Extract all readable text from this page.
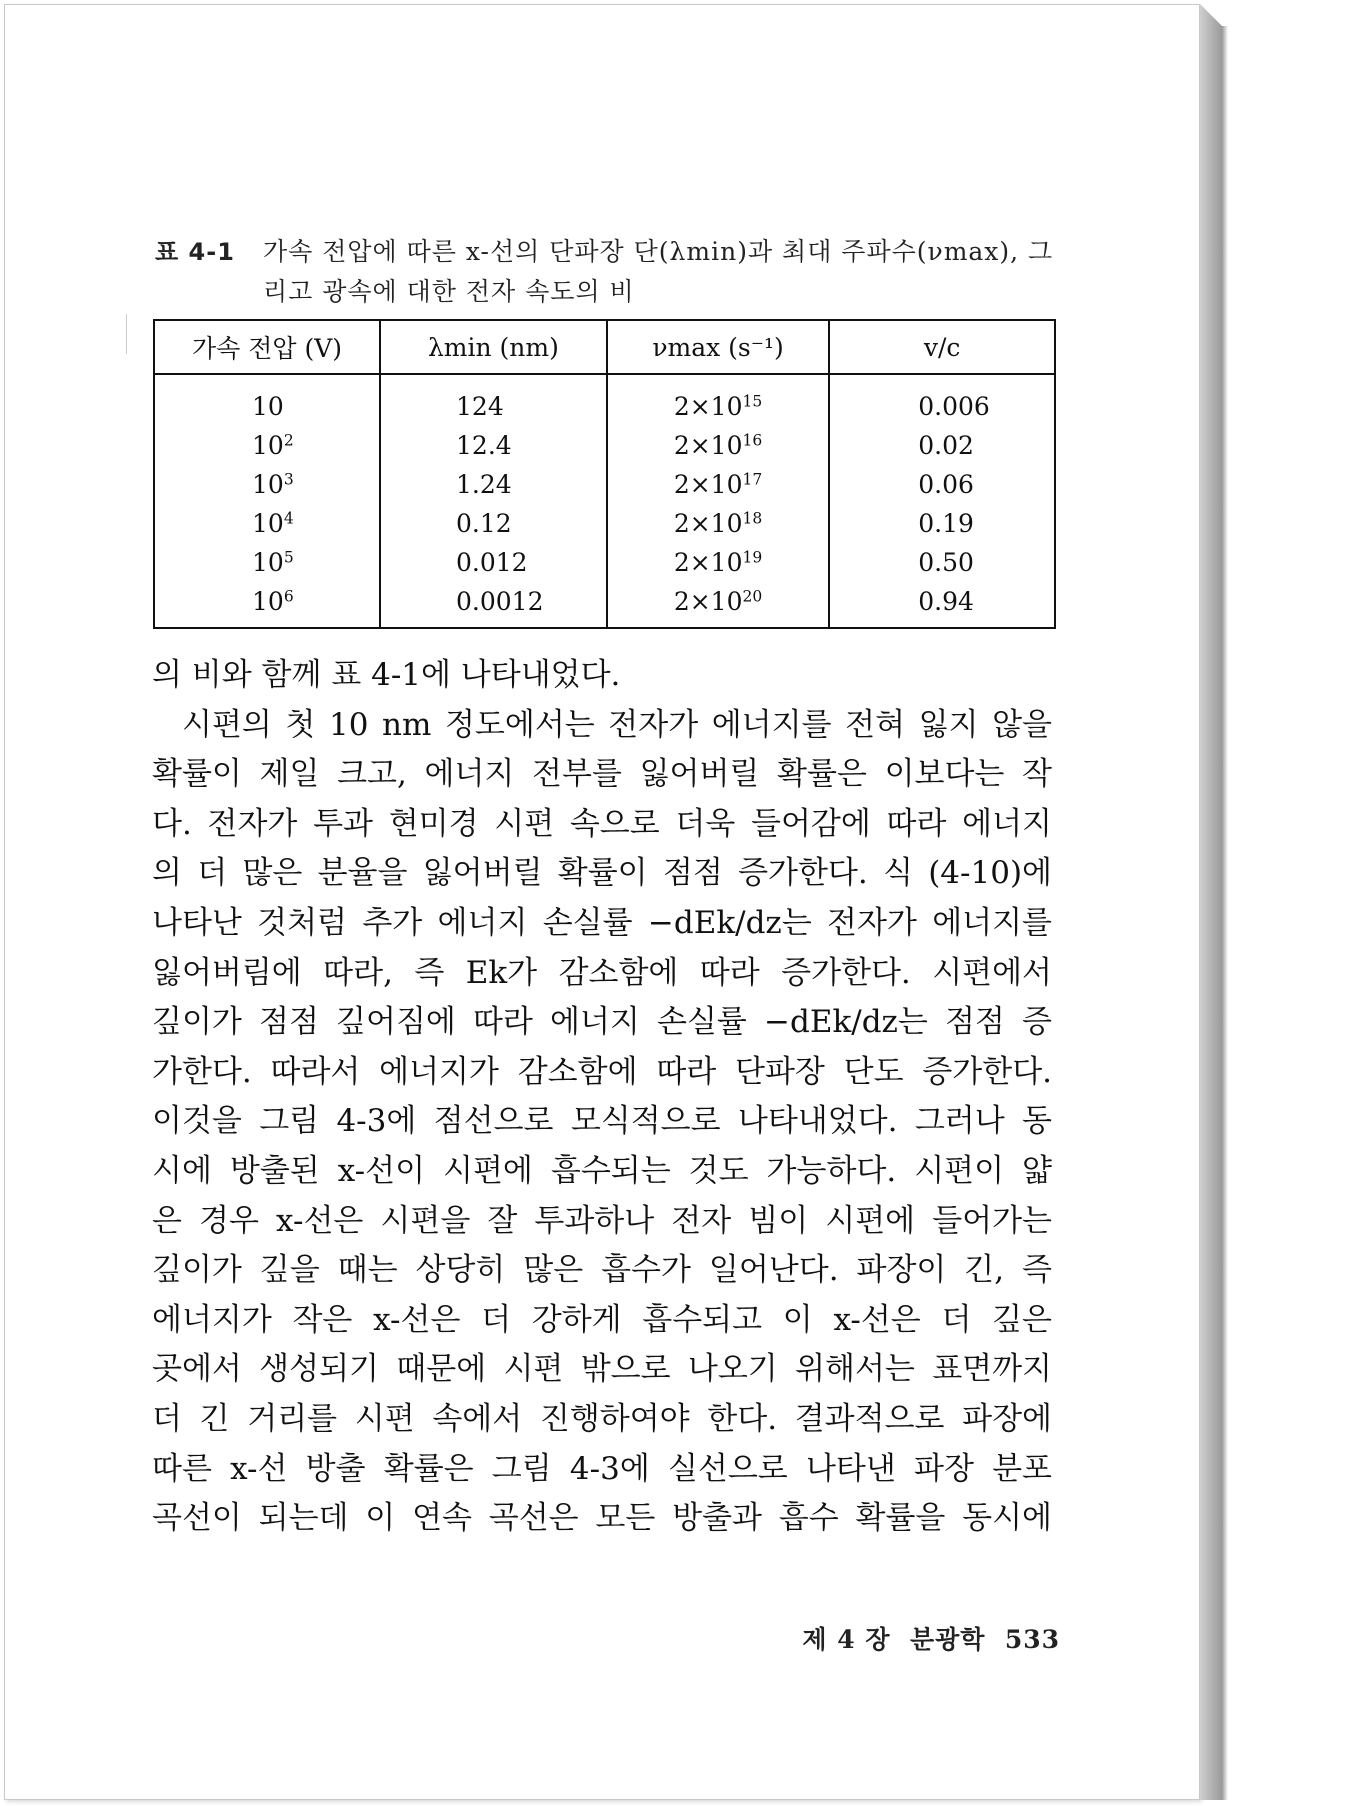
표 4-1 가속 전압에 따른 x-선의 단파장 단(λmin)과 최대 주파수(νmax), 그
리고 광속에 대한 전자 속도의 비
가속 전압 (V)	λmin (nm)	νmax (s⁻¹)	v/c
10	124	$2\times 10^{15}$	0.006
$10^2$	12.4	$2\times 10^{16}$	0.02
$10^3$	1.24	$2\times 10^{17}$	0.06
$10^4$	0.12	$2\times 10^{18}$	0.19
$10^5$	0.012	$2\times 10^{19}$	0.50
$10^6$	0.0012	$2\times 10^{20}$	0.94

의 비와 함께 표 4-1에 나타내었다.

시편의 첫 10 nm 정도에서는 전자가 에너지를 전혀 잃지 않을

확률이 제일 크고, 에너지 전부를 잃어버릴 확률은 이보다는 작

다. 전자가 투과 현미경 시편 속으로 더욱 들어감에 따라 에너지

의 더 많은 분율을 잃어버릴 확률이 점점 증가한다. 식 (4-10)에

나타난 것처럼 추가 에너지 손실률 −dEk/dz는 전자가 에너지를

잃어버림에 따라, 즉 Ek가 감소함에 따라 증가한다. 시편에서

깊이가 점점 깊어짐에 따라 에너지 손실률 −dEk/dz는 점점 증

가한다. 따라서 에너지가 감소함에 따라 단파장 단도 증가한다.

이것을 그림 4-3에 점선으로 모식적으로 나타내었다. 그러나 동

시에 방출된 x-선이 시편에 흡수되는 것도 가능하다. 시편이 얇

은 경우 x-선은 시편을 잘 투과하나 전자 빔이 시편에 들어가는

깊이가 깊을 때는 상당히 많은 흡수가 일어난다. 파장이 긴, 즉

에너지가 작은 x-선은 더 강하게 흡수되고 이 x-선은 더 깊은

곳에서 생성되기 때문에 시편 밖으로 나오기 위해서는 표면까지

더 긴 거리를 시편 속에서 진행하여야 한다. 결과적으로 파장에

따른 x-선 방출 확률은 그림 4-3에 실선으로 나타낸 파장 분포

곡선이 되는데 이 연속 곡선은 모든 방출과 흡수 확률을 동시에

제 4 장 분광학 533
